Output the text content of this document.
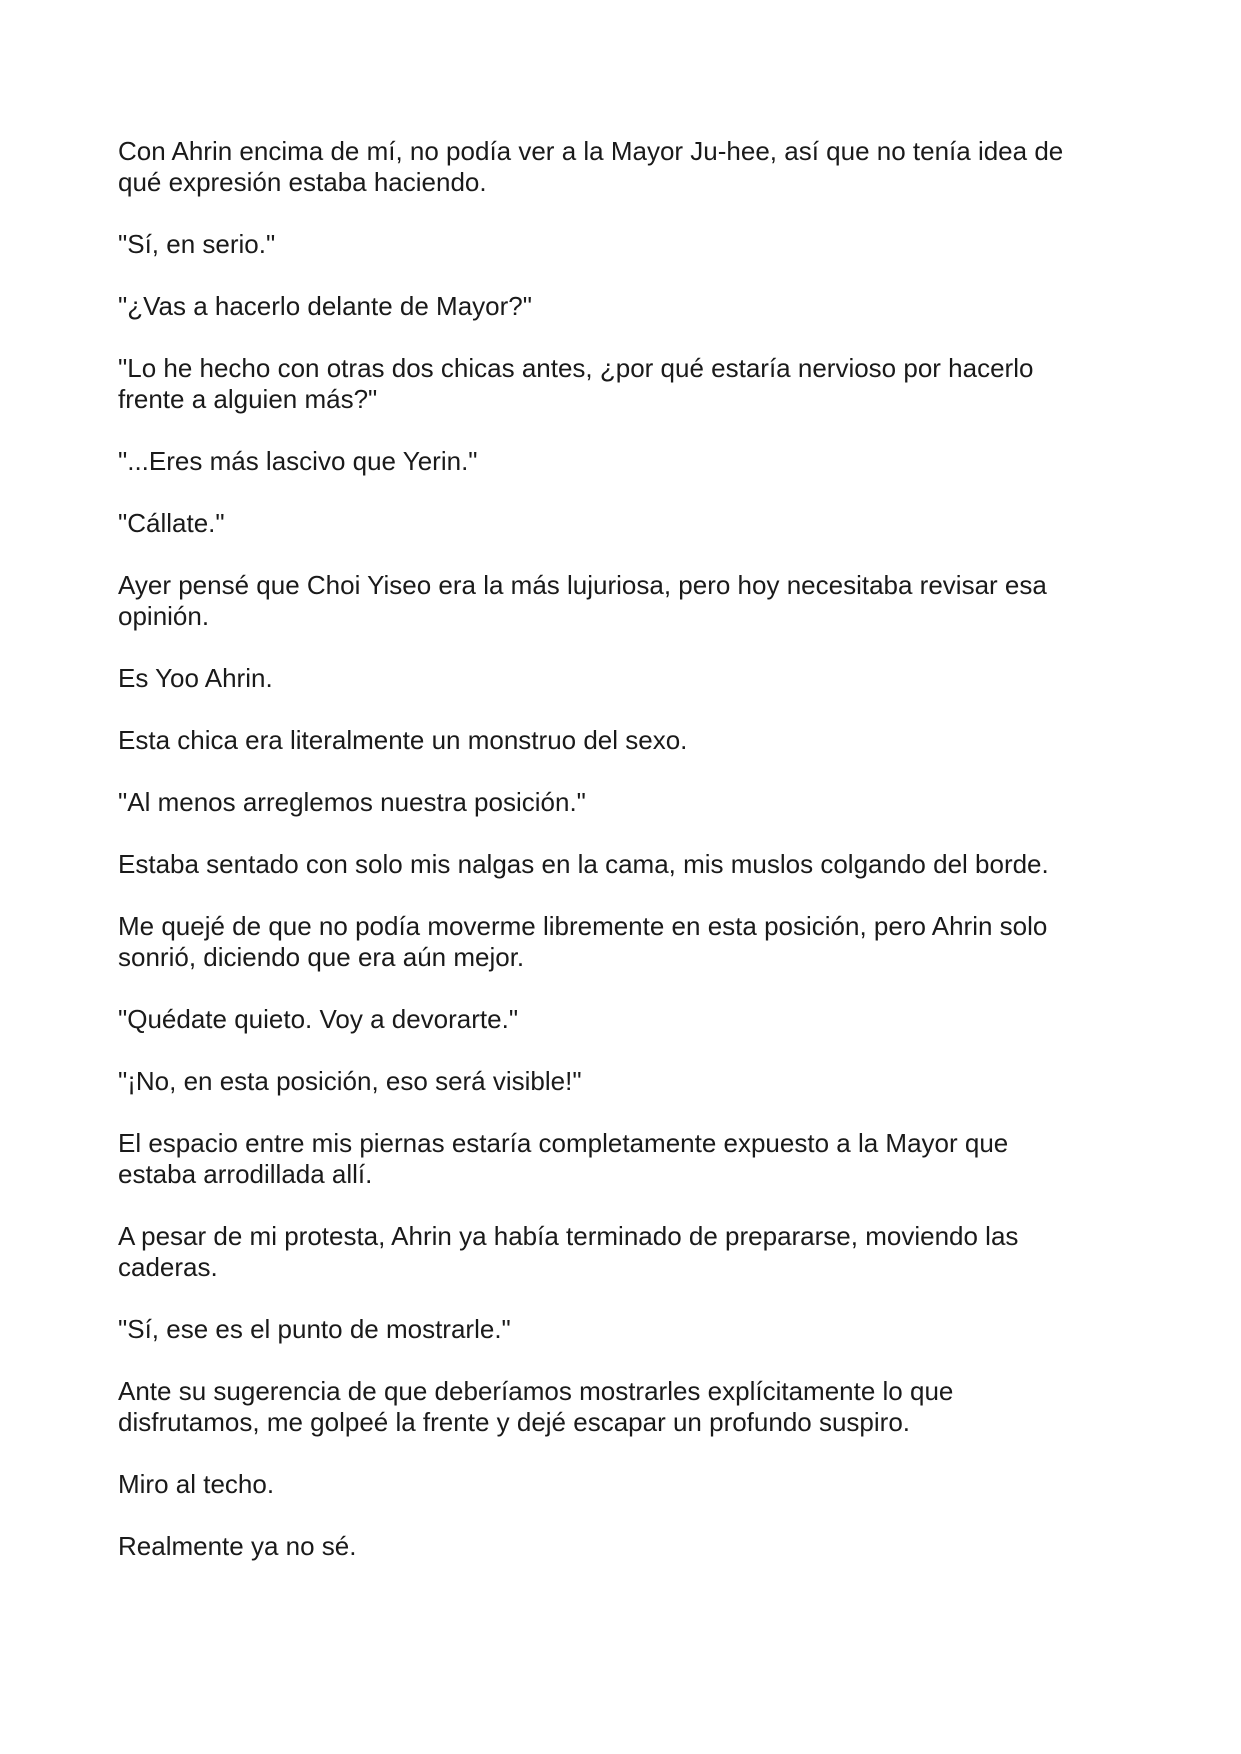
Con Ahrin encima de mí, no podía ver a la Mayor Ju-hee, así que no tenía idea de
qué expresión estaba haciendo.

"Sí, en serio."

"¿Vas a hacerlo delante de Mayor?"

"Lo he hecho con otras dos chicas antes, ¿por qué estaría nervioso por hacerlo
frente a alguien más?"

"...Eres más lascivo que Yerin."

"Cállate."

Ayer pensé que Choi Yiseo era la más lujuriosa, pero hoy necesitaba revisar esa
opinión.

Es Yoo Ahrin.

Esta chica era literalmente un monstruo del sexo.

"Al menos arreglemos nuestra posición."

Estaba sentado con solo mis nalgas en la cama, mis muslos colgando del borde.

Me quejé de que no podía moverme libremente en esta posición, pero Ahrin solo
sonrió, diciendo que era aún mejor.

"Quédate quieto. Voy a devorarte."

"¡No, en esta posición, eso será visible!"

El espacio entre mis piernas estaría completamente expuesto a la Mayor que
estaba arrodillada allí.

A pesar de mi protesta, Ahrin ya había terminado de prepararse, moviendo las
caderas.

"Sí, ese es el punto de mostrarle."

Ante su sugerencia de que deberíamos mostrarles explícitamente lo que
disfrutamos, me golpeé la frente y dejé escapar un profundo suspiro.

Miro al techo.

Realmente ya no sé.
